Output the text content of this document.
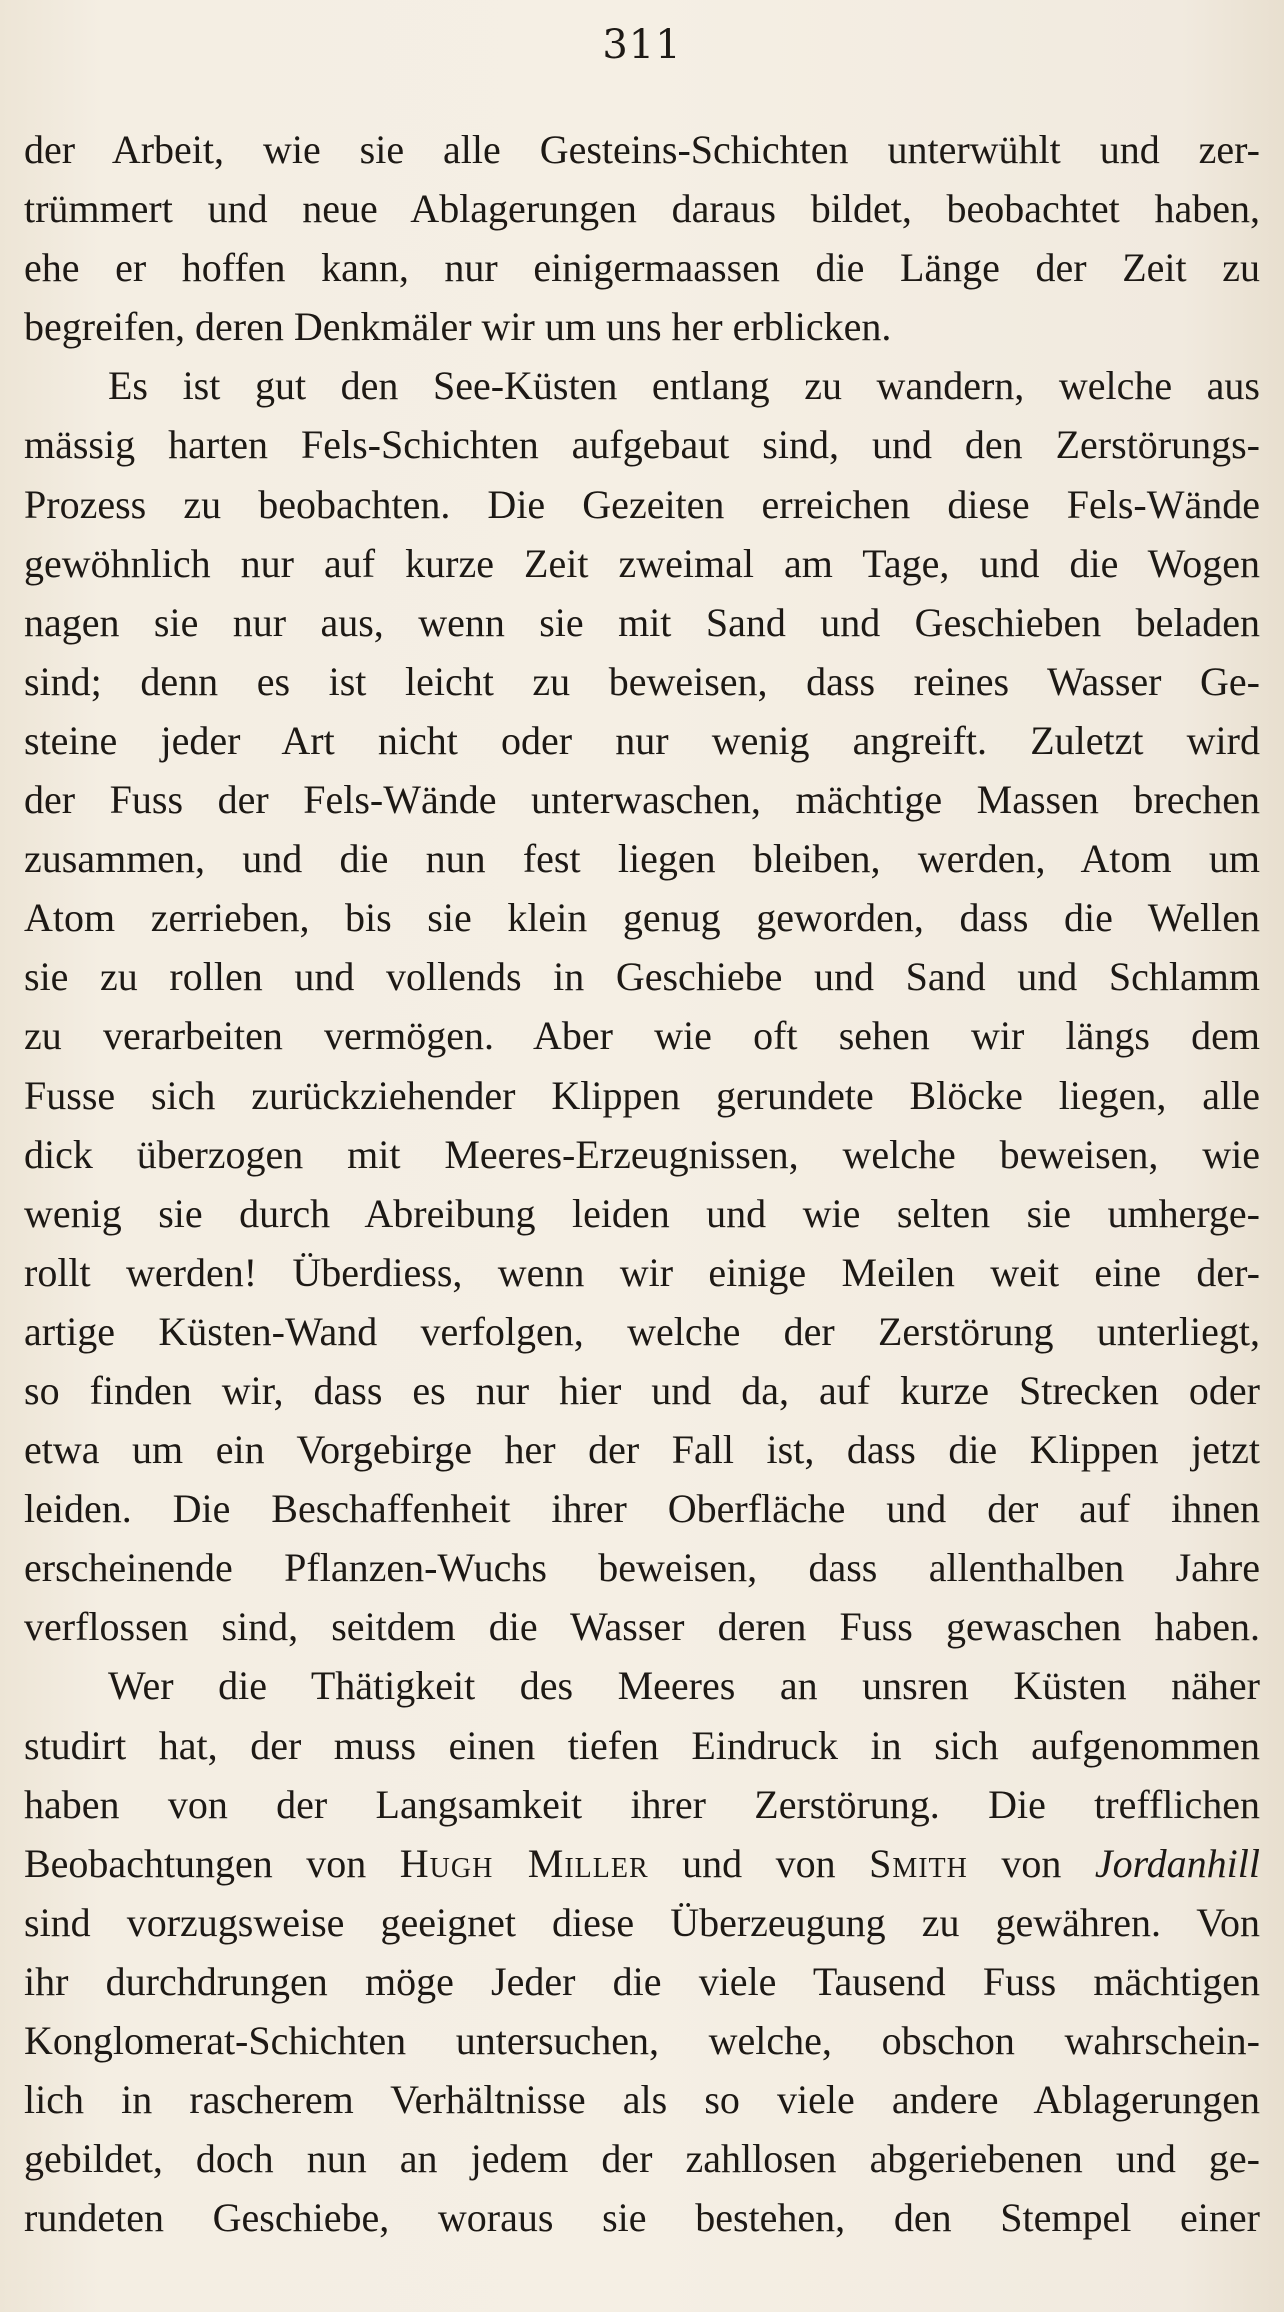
311
der Arbeit, wie sie alle Gesteins-Schichten unterwühlt und zer-
trümmert und neue Ablagerungen daraus bildet, beobachtet haben,
ehe er hoffen kann, nur einigermaassen die Länge der Zeit zu
begreifen, deren Denkmäler wir um uns her erblicken.
Es ist gut den See-Küsten entlang zu wandern, welche aus
mässig harten Fels-Schichten aufgebaut sind, und den Zerstörungs-
Prozess zu beobachten. Die Gezeiten erreichen diese Fels-Wände
gewöhnlich nur auf kurze Zeit zweimal am Tage, und die Wogen
nagen sie nur aus, wenn sie mit Sand und Geschieben beladen
sind; denn es ist leicht zu beweisen, dass reines Wasser Ge-
steine jeder Art nicht oder nur wenig angreift. Zuletzt wird
der Fuss der Fels-Wände unterwaschen, mächtige Massen brechen
zusammen, und die nun fest liegen bleiben, werden, Atom um
Atom zerrieben, bis sie klein genug geworden, dass die Wellen
sie zu rollen und vollends in Geschiebe und Sand und Schlamm
zu verarbeiten vermögen. Aber wie oft sehen wir längs dem
Fusse sich zurückziehender Klippen gerundete Blöcke liegen, alle
dick überzogen mit Meeres-Erzeugnissen, welche beweisen, wie
wenig sie durch Abreibung leiden und wie selten sie umherge-
rollt werden! Überdiess, wenn wir einige Meilen weit eine der-
artige Küsten-Wand verfolgen, welche der Zerstörung unterliegt,
so finden wir, dass es nur hier und da, auf kurze Strecken oder
etwa um ein Vorgebirge her der Fall ist, dass die Klippen jetzt
leiden. Die Beschaffenheit ihrer Oberfläche und der auf ihnen
erscheinende Pflanzen-Wuchs beweisen, dass allenthalben Jahre
verflossen sind, seitdem die Wasser deren Fuss gewaschen haben.
Wer die Thätigkeit des Meeres an unsren Küsten näher
studirt hat, der muss einen tiefen Eindruck in sich aufgenommen
haben von der Langsamkeit ihrer Zerstörung. Die trefflichen
Beobachtungen von Hugh Miller und von Smith von Jordanhill
sind vorzugsweise geeignet diese Überzeugung zu gewähren. Von
ihr durchdrungen möge Jeder die viele Tausend Fuss mächtigen
Konglomerat-Schichten untersuchen, welche, obschon wahrschein-
lich in rascherem Verhältnisse als so viele andere Ablagerungen
gebildet, doch nun an jedem der zahllosen abgeriebenen und ge-
rundeten Geschiebe, woraus sie bestehen, den Stempel einer
